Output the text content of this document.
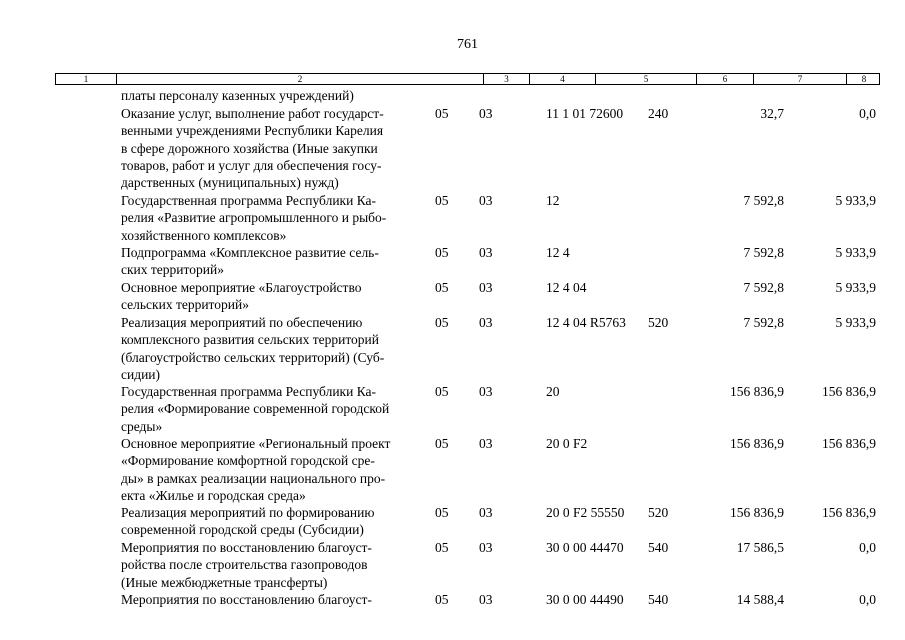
761
1	2	3	4	5	6	7	8
платы персоналу казенных учреждений)
Оказание услуг, выполнение работ государст-
венными учреждениями Республики Карелия
в сфере дорожного хозяйства (Иные закупки
товаров, работ и услуг для обеспечения госу-
дарственных (муниципальных) нужд)
05 03	11 1 01 72600 240	32,7	0,0
Государственная программа Республики Ка-
релия «Развитие агропромышленного и рыбо-
хозяйственного комплексов»
05 03	12	7 592,8	5 933,9
Подпрограмма «Комплексное развитие сель-
ских территорий»
05 03	12 4	7 592,8	5 933,9
Основное мероприятие «Благоустройство
сельских территорий»
05 03	12 4 04	7 592,8	5 933,9
Реализация мероприятий по обеспечению
комплексного развития сельских территорий
(благоустройство сельских территорий) (Суб-
сидии)
05 03	12 4 04 R5763 520	7 592,8	5 933,9
Государственная программа Республики Ка-
релия «Формирование современной городской
среды»
05 03	20	156 836,9	156 836,9
Основное мероприятие «Региональный проект
«Формирование комфортной городской сре-
ды» в рамках реализации национального про-
екта «Жилье и городская среда»
05 03	20 0 F2	156 836,9	156 836,9
Реализация мероприятий по формированию
современной городской среды (Субсидии)
05 03	20 0 F2 55550 520	156 836,9	156 836,9
Мероприятия по восстановлению благоуст-
ройства после строительства газопроводов
(Иные межбюджетные трансферты)
05 03	30 0 00 44470 540	17 586,5	0,0
Мероприятия по восстановлению благоуст-	05 03	30 0 00 44490 540	14 588,4	0,0
